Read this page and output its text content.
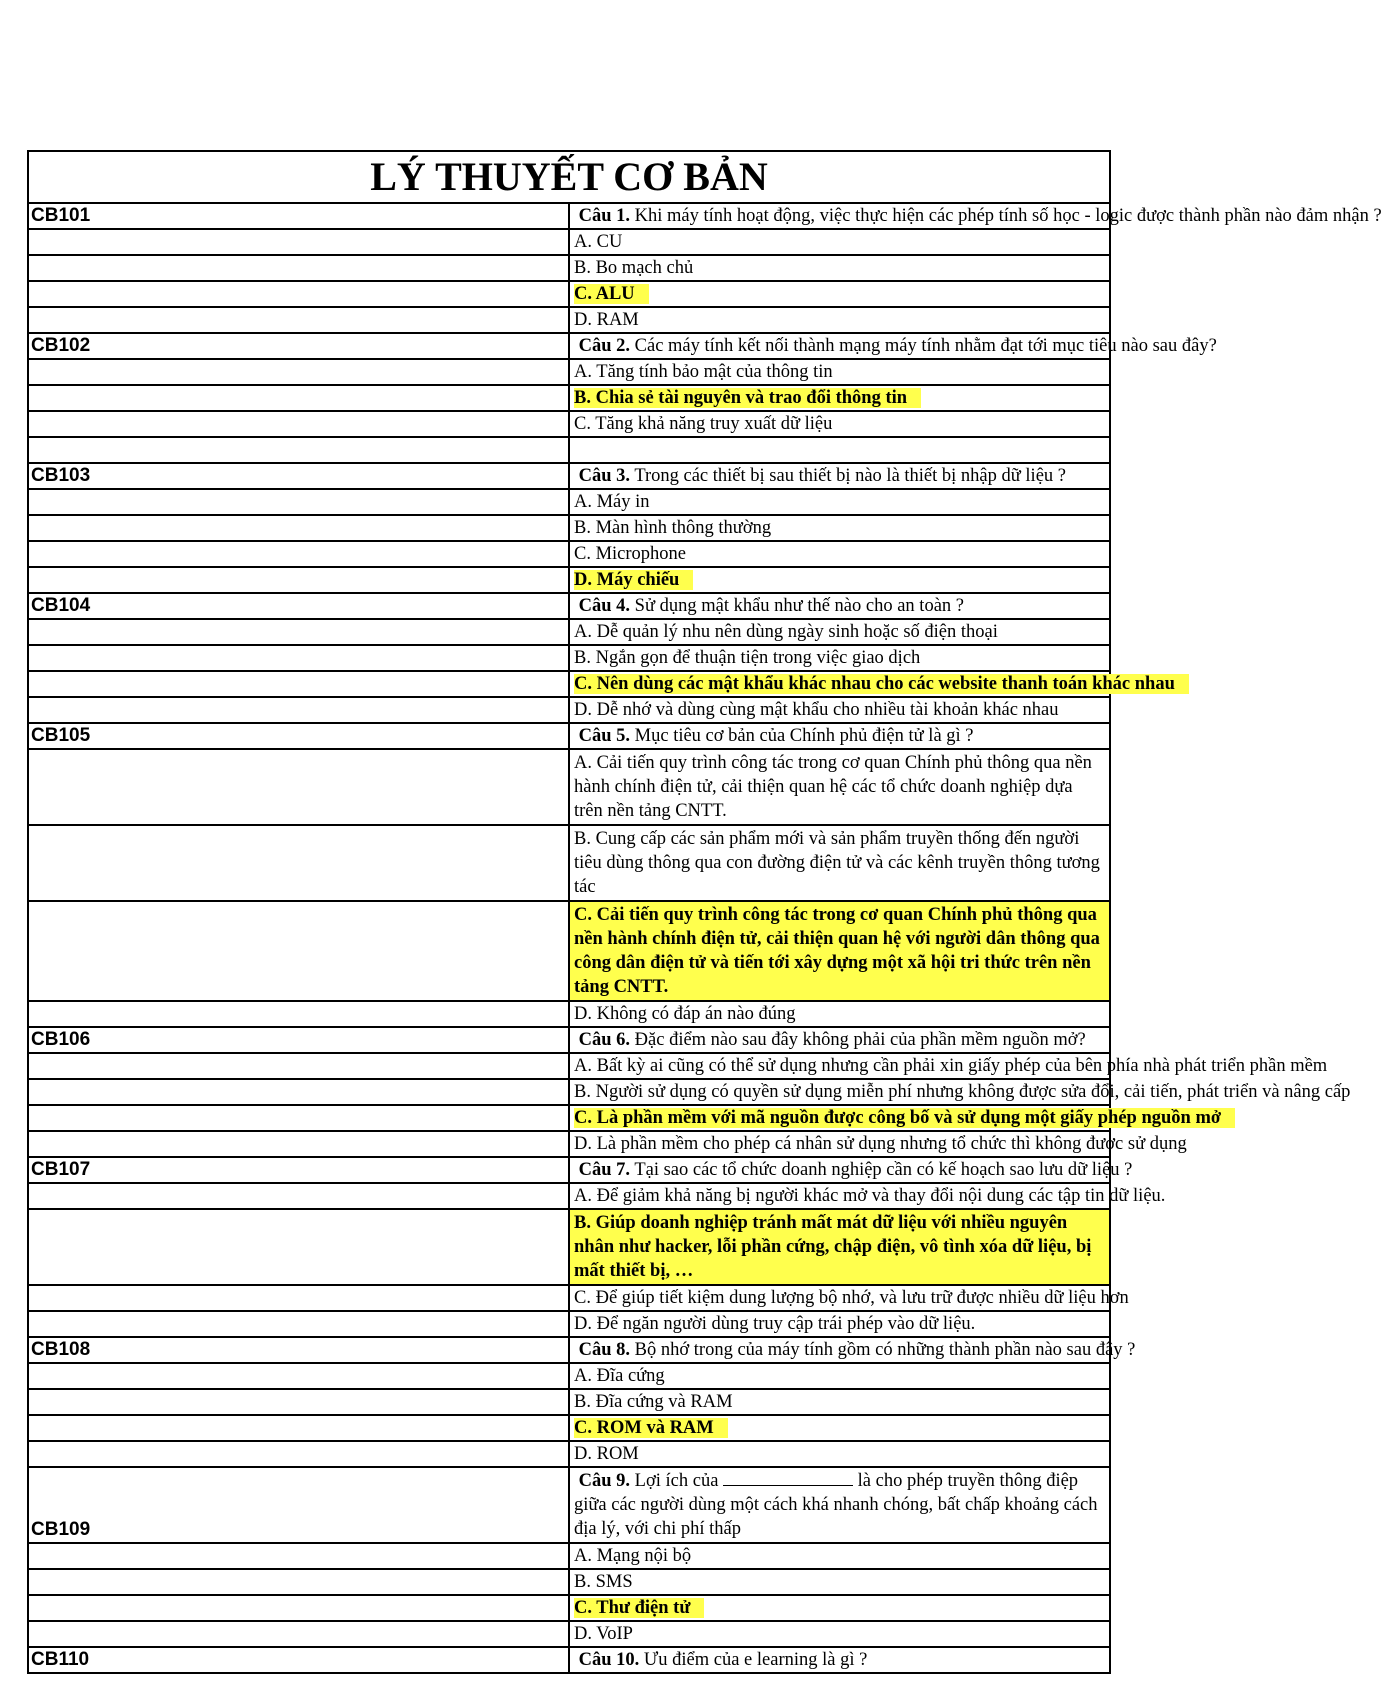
LÝ THUYẾT CƠ BẢN	
CB101	Câu 1. Khi máy tính hoạt động, việc thực hiện các phép tính số học - logic được thành phần nào đảm nhận ?
	A. CU
	B. Bo mạch chủ
	C. ALU
	D. RAM
CB102	Câu 2. Các máy tính kết nối thành mạng máy tính nhằm đạt tới mục tiêu nào sau đây?
	A. Tăng tính bảo mật của thông tin
	B. Chia sẻ tài nguyên và trao đổi thông tin
	C. Tăng khả năng truy xuất dữ liệu

CB103	Câu 3. Trong các thiết bị sau thiết bị nào là thiết bị nhập dữ liệu ?
	A. Máy in
	B. Màn hình thông thường
	C. Microphone
	D. Máy chiếu
CB104	Câu 4. Sử dụng mật khẩu như thế nào cho an toàn ?
	A. Dễ quản lý nhu nên dùng ngày sinh hoặc số điện thoại
	B. Ngắn gọn để thuận tiện trong việc giao dịch
	C. Nên dùng các mật khẩu khác nhau cho các website thanh toán khác nhau
	D. Dễ nhớ và dùng cùng mật khẩu cho nhiều tài khoản khác nhau
CB105	Câu 5. Mục tiêu cơ bản của Chính phủ điện tử là gì ?
	A. Cải tiến quy trình công tác trong cơ quan Chính phủ thông qua nền hành chính điện tử, cải thiện quan hệ các tổ chức doanh nghiệp dựa trên nền tảng CNTT.
	B. Cung cấp các sản phẩm mới và sản phẩm truyền thống đến người tiêu dùng thông qua con đường điện tử và các kênh truyền thông tương tác
	C. Cải tiến quy trình công tác trong cơ quan Chính phủ thông qua nền hành chính điện tử, cải thiện quan hệ với người dân thông qua công dân điện tử và tiến tới xây dựng một xã hội tri thức trên nền tảng CNTT.
	D. Không có đáp án nào đúng
CB106	Câu 6. Đặc điểm nào sau đây không phải của phần mềm nguồn mở?
	A. Bất kỳ ai cũng có thể sử dụng nhưng cần phải xin giấy phép của bên phía nhà phát triển phần mềm
	B. Người sử dụng có quyền sử dụng miễn phí nhưng không được sửa đổi, cải tiến, phát triển và nâng cấp
	C. Là phần mềm với mã nguồn được công bố và sử dụng một giấy phép nguồn mở
	D. Là phần mềm cho phép cá nhân sử dụng nhưng tổ chức thì không được sử dụng
CB107	Câu 7. Tại sao các tổ chức doanh nghiệp cần có kế hoạch sao lưu dữ liệu ?
	A. Để giảm khả năng bị người khác mở và thay đổi nội dung các tập tin dữ liệu.
	B. Giúp doanh nghiệp tránh mất mát dữ liệu với nhiều nguyên nhân như hacker, lỗi phần cứng, chập điện, vô tình xóa dữ liệu, bị mất thiết bị, …
	C. Để giúp tiết kiệm dung lượng bộ nhớ, và lưu trữ được nhiều dữ liệu hơn
	D. Để ngăn người dùng truy cập trái phép vào dữ liệu.
CB108	Câu 8. Bộ nhớ trong của máy tính gồm có những thành phần nào sau đây ?
	A. Đĩa cứng
	B. Đĩa cứng và RAM
	C. ROM và RAM
	D. ROM
CB109	Câu 9. Lợi ích của là cho phép truyền thông điệp giữa các người dùng một cách khá nhanh chóng, bất chấp khoảng cách địa lý, với chi phí thấp
	A. Mạng nội bộ
	B. SMS
	C. Thư điện tử
	D. VoIP
CB110	Câu 10. Ưu điểm của e learning là gì ?
